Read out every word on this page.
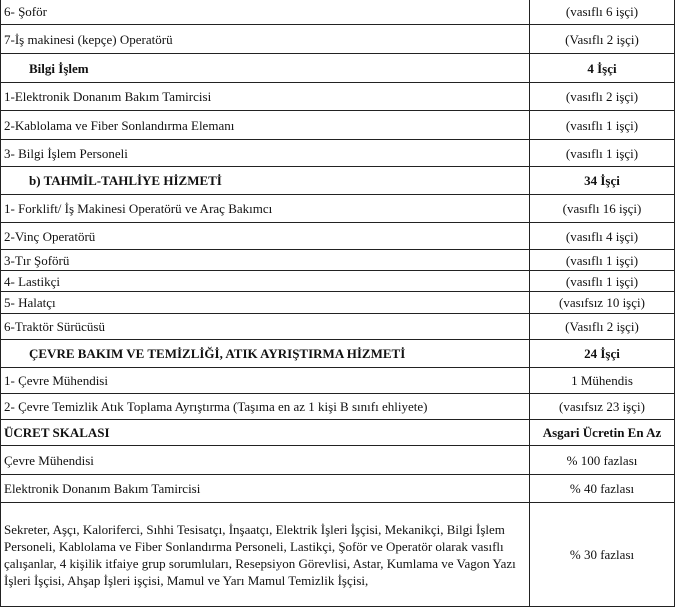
6- Şoför	(vasıflı 6 işçi)
7-İş makinesi (kepçe) Operatörü	(Vasıflı 2 işçi)
Bilgi İşlem	4 İşçi
1-Elektronik Donanım Bakım Tamircisi	(vasıflı 2 işçi)
2-Kablolama ve Fiber Sonlandırma Elemanı	(vasıflı 1 işçi)
3- Bilgi İşlem Personeli	(vasıflı 1 işçi)
b) TAHMİL-TAHLİYE HİZMETİ	34 İşçi
1- Forklift/ İş Makinesi Operatörü ve Araç Bakımcı	(vasıflı 16 işçi)
2-Vinç Operatörü	(vasıflı 4 işçi)
3-Tır Şoförü	(vasıflı 1 işçi)
4- Lastikçi	(vasıflı 1 işçi)
5- Halatçı	(vasıfsız 10 işçi)
6-Traktör Sürücüsü	(Vasıflı 2 işçi)
ÇEVRE BAKIM VE TEMİZLİĞİ, ATIK AYRIŞTIRMA HİZMETİ	24 İşçi
1- Çevre Mühendisi	1 Mühendis
2- Çevre Temizlik Atık Toplama Ayrıştırma (Taşıma en az 1 kişi B sınıfı ehliyete)	(vasıfsız 23 işçi)
ÜCRET SKALASI	Asgari Ücretin En Az
Çevre Mühendisi	% 100 fazlası
Elektronik Donanım Bakım Tamircisi	% 40 fazlası
Sekreter, Aşçı, Kaloriferci, Sıhhi Tesisatçı, İnşaatçı, Elektrik İşleri İşçisi, Mekanikçi, Bilgi İşlem Personeli, Kablolama ve Fiber Sonlandırma Personeli, Lastikçi, Şoför ve Operatör olarak vasıflı çalışanlar, 4 kişilik itfaiye grup sorumluları, Resepsiyon Görevlisi, Astar, Kumlama ve Vagon Yazı İşleri İşçisi, Ahşap İşleri işçisi, Mamul ve Yarı Mamul Temizlik İşçisi,	% 30 fazlası
